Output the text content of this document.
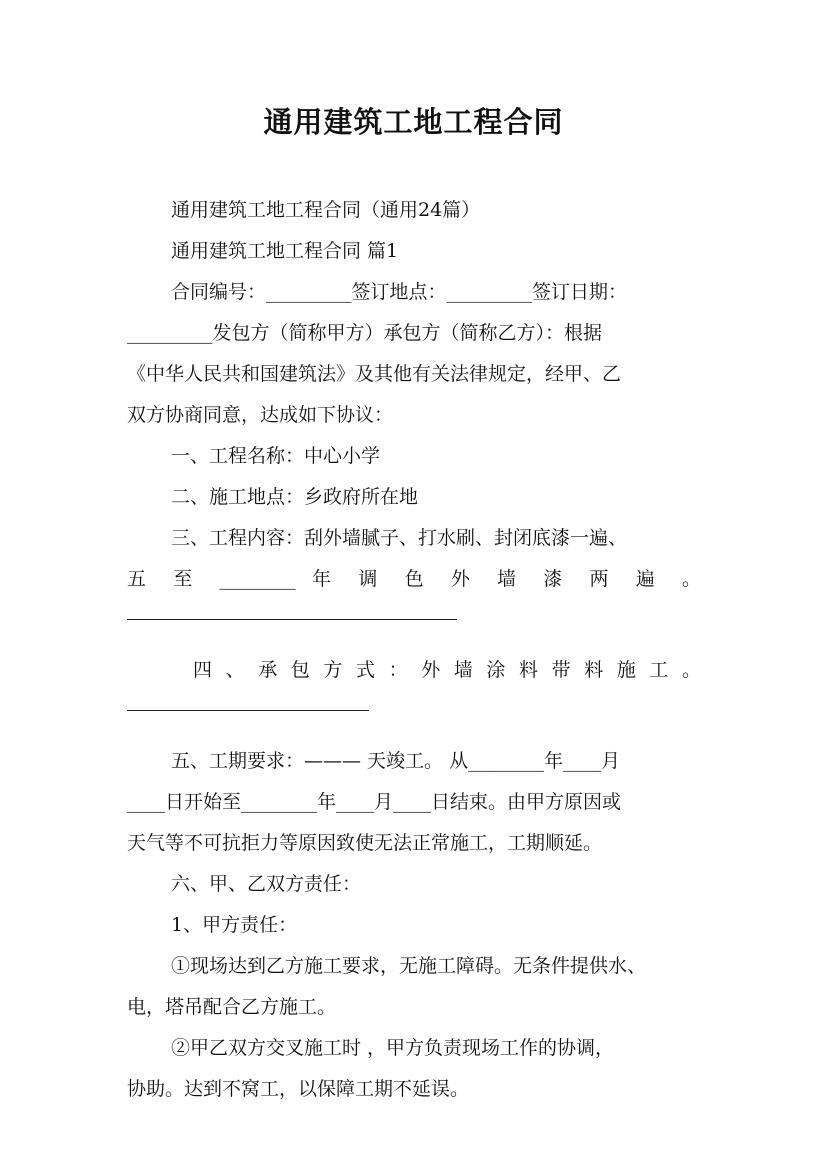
通用建筑工地工程合同

通用建筑工地工程合同（通用24篇）

通用建筑工地工程合同 篇1

合同编号：_________签订地点：_________签订日期：

_________发包方（简称甲方）承包方（简称乙方）：根据

《中华人民共和国建筑法》及其他有关法律规定，经甲、乙

双方协商同意，达成如下协议：

一、工程名称：中心小学

二、施工地点：乡政府所在地

三、工程内容：刮外墙腻子、打水刷、封闭底漆一遍、

五 至 ________ 年 调 色 外 墙 漆 两 遍 。

四 、 承 包 方 式 ： 外 墙 涂 料 带 料 施 工 。

五、工期要求：——— 天竣工。 从________年____月

____日开始至________年____月____日结束。由甲方原因或

天气等不可抗拒力等原因致使无法正常施工，工期顺延。

六、甲、乙双方责任：

1、甲方责任：

①现场达到乙方施工要求，无施工障碍。无条件提供水、

电，塔吊配合乙方施工。

②甲乙双方交叉施工时 ，甲方负责现场工作的协调，

协助。达到不窝工，以保障工期不延误。
